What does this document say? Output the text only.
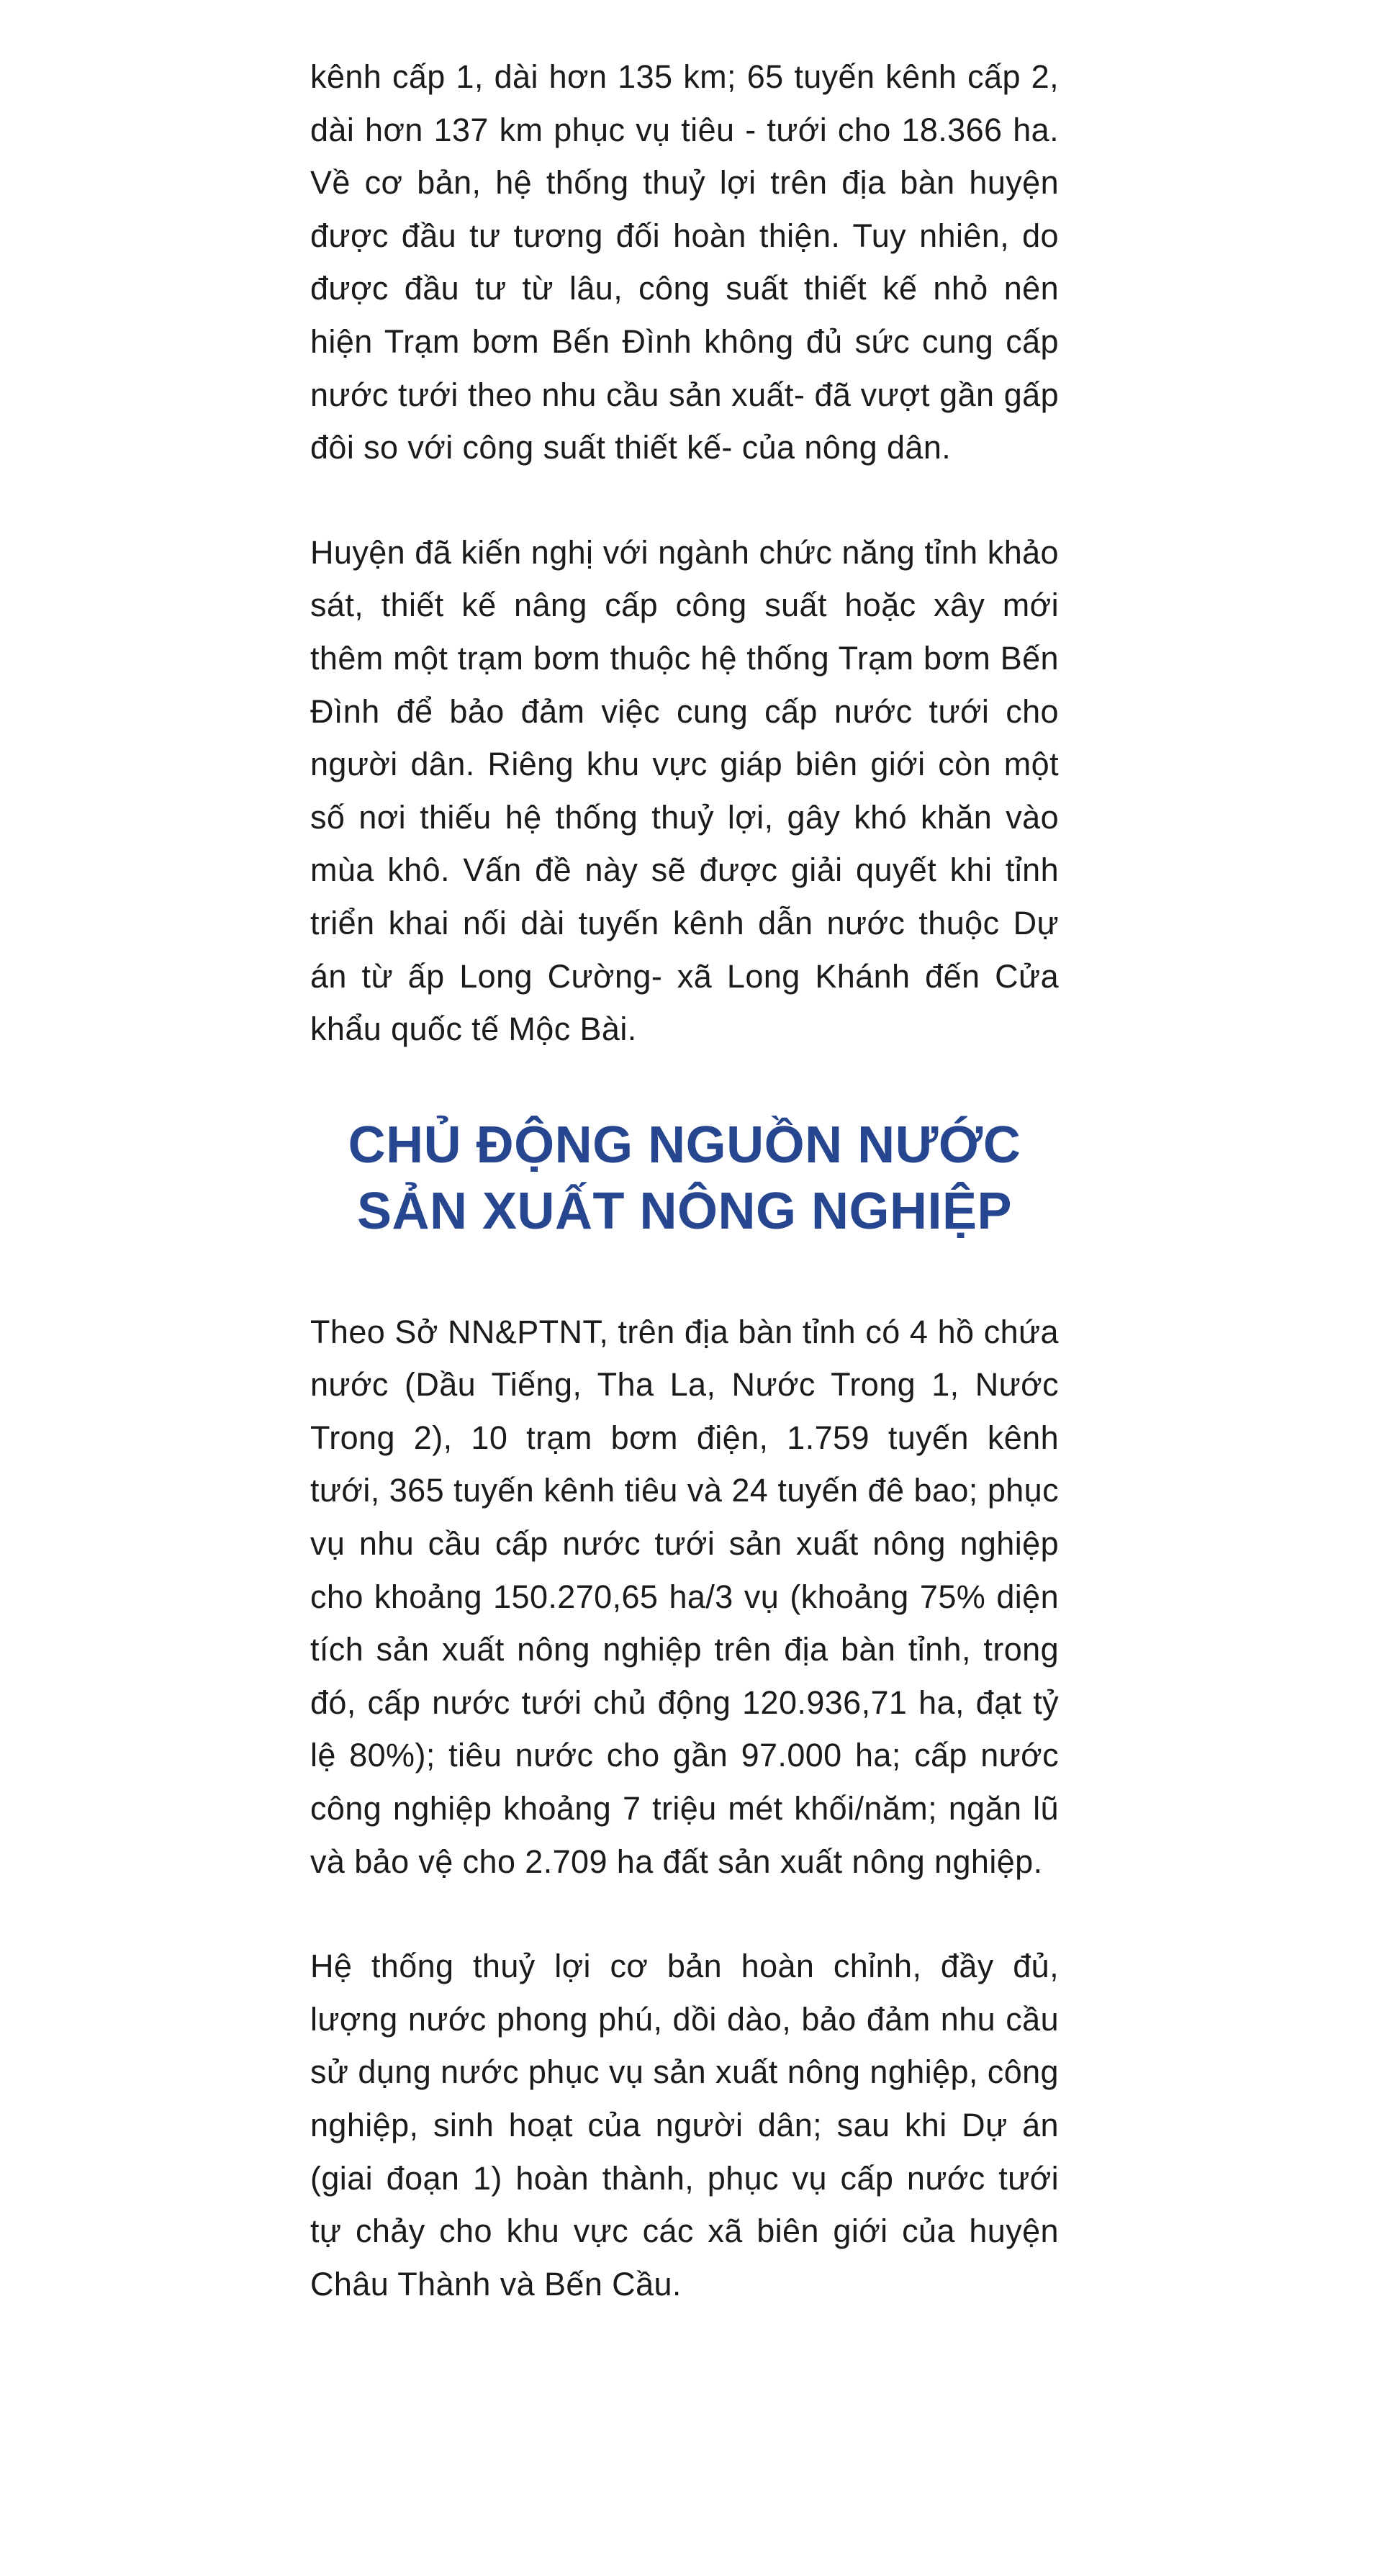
kênh cấp 1, dài hơn 135 km; 65 tuyến kênh cấp 2, dài hơn 137 km phục vụ tiêu - tưới cho 18.366 ha. Về cơ bản, hệ thống thuỷ lợi trên địa bàn huyện được đầu tư tương đối hoàn thiện. Tuy nhiên, do được đầu tư từ lâu, công suất thiết kế nhỏ nên hiện Trạm bơm Bến Đình không đủ sức cung cấp nước tưới theo nhu cầu sản xuất- đã vượt gần gấp đôi so với công suất thiết kế- của nông dân.

Huyện đã kiến nghị với ngành chức năng tỉnh khảo sát, thiết kế nâng cấp công suất hoặc xây mới thêm một trạm bơm thuộc hệ thống Trạm bơm Bến Đình để bảo đảm việc cung cấp nước tưới cho người dân. Riêng khu vực giáp biên giới còn một số nơi thiếu hệ thống thuỷ lợi, gây khó khăn vào mùa khô. Vấn đề này sẽ được giải quyết khi tỉnh triển khai nối dài tuyến kênh dẫn nước thuộc Dự án từ ấp Long Cường- xã Long Khánh đến Cửa khẩu quốc tế Mộc Bài.

CHỦ ĐỘNG NGUỒN NƯỚC
SẢN XUẤT NÔNG NGHIỆP

Theo Sở NN&PTNT, trên địa bàn tỉnh có 4 hồ chứa nước (Dầu Tiếng, Tha La, Nước Trong 1, Nước Trong 2), 10 trạm bơm điện, 1.759 tuyến kênh tưới, 365 tuyến kênh tiêu và 24 tuyến đê bao; phục vụ nhu cầu cấp nước tưới sản xuất nông nghiệp cho khoảng 150.270,65 ha/3 vụ (khoảng 75% diện tích sản xuất nông nghiệp trên địa bàn tỉnh, trong đó, cấp nước tưới chủ động 120.936,71 ha, đạt tỷ lệ 80%); tiêu nước cho gần 97.000 ha; cấp nước công nghiệp khoảng 7 triệu mét khối/năm; ngăn lũ và bảo vệ cho 2.709 ha đất sản xuất nông nghiệp.

Hệ thống thuỷ lợi cơ bản hoàn chỉnh, đầy đủ, lượng nước phong phú, dồi dào, bảo đảm nhu cầu sử dụng nước phục vụ sản xuất nông nghiệp, công nghiệp, sinh hoạt của người dân; sau khi Dự án (giai đoạn 1) hoàn thành, phục vụ cấp nước tưới tự chảy cho khu vực các xã biên giới của huyện Châu Thành và Bến Cầu.
